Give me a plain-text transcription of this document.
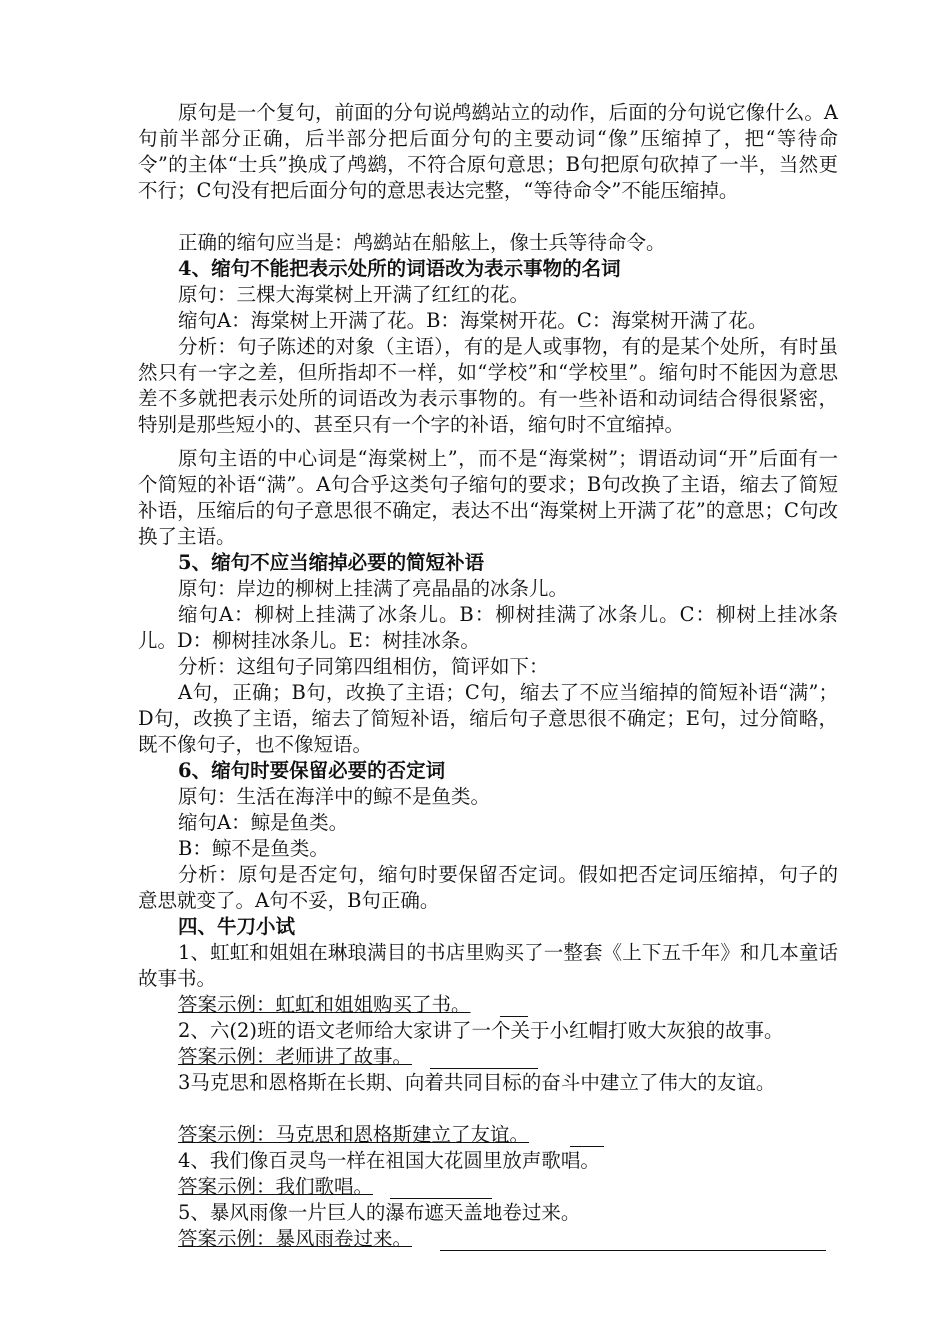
原句是一个复句，前面的分句说鸬鹚站立的动作，后面的分句说它像什么。A句前半部分正确，后半部分把后面分句的主要动词“像”压缩掉了，把“等待命令”的主体“士兵”换成了鸬鹚，不符合原句意思；B句把原句砍掉了一半，当然更不行；C句没有把后面分句的意思表达完整，“等待命令”不能压缩掉。

正确的缩句应当是：鸬鹚站在船舷上，像士兵等待命令。

4、缩句不能把表示处所的词语改为表示事物的名词

原句：三棵大海棠树上开满了红红的花。

缩句A：海棠树上开满了花。B：海棠树开花。C：海棠树开满了花。

分析：句子陈述的对象（主语），有的是人或事物，有的是某个处所，有时虽然只有一字之差，但所指却不一样，如“学校”和“学校里”。缩句时不能因为意思差不多就把表示处所的词语改为表示事物的。有一些补语和动词结合得很紧密，特别是那些短小的、甚至只有一个字的补语，缩句时不宜缩掉。

原句主语的中心词是“海棠树上”，而不是“海棠树”；谓语动词“开”后面有一个简短的补语“满”。A句合乎这类句子缩句的要求；B句改换了主语，缩去了简短补语，压缩后的句子意思很不确定，表达不出“海棠树上开满了花”的意思；C句改换了主语。

5、缩句不应当缩掉必要的简短补语

原句：岸边的柳树上挂满了亮晶晶的冰条儿。

缩句A：柳树上挂满了冰条儿。B：柳树挂满了冰条儿。C：柳树上挂冰条儿。D：柳树挂冰条儿。E：树挂冰条。

分析：这组句子同第四组相仿，简评如下：

A句，正确；B句，改换了主语；C句，缩去了不应当缩掉的简短补语“满”；D句，改换了主语，缩去了简短补语，缩后句子意思很不确定；E句，过分简略，既不像句子，也不像短语。

6、缩句时要保留必要的否定词

原句：生活在海洋中的鲸不是鱼类。

缩句A：鲸是鱼类。

B：鲸不是鱼类。

分析：原句是否定句，缩句时要保留否定词。假如把否定词压缩掉，句子的意思就变了。A句不妥，B句正确。

四、牛刀小试

1、虹虹和姐姐在琳琅满目的书店里购买了一整套《上下五千年》和几本童话故事书。

答案示例：虹虹和姐姐购买了书。

2、六(2)班的语文老师给大家讲了一个关于小红帽打败大灰狼的故事。

答案示例：老师讲了故事。

3马克思和恩格斯在长期、向着共同目标的奋斗中建立了伟大的友谊。

答案示例：马克思和恩格斯建立了友谊。

4、我们像百灵鸟一样在祖国大花圆里放声歌唱。

答案示例：我们歌唱。

5、暴风雨像一片巨人的瀑布遮天盖地卷过来。

答案示例：暴风雨卷过来。
